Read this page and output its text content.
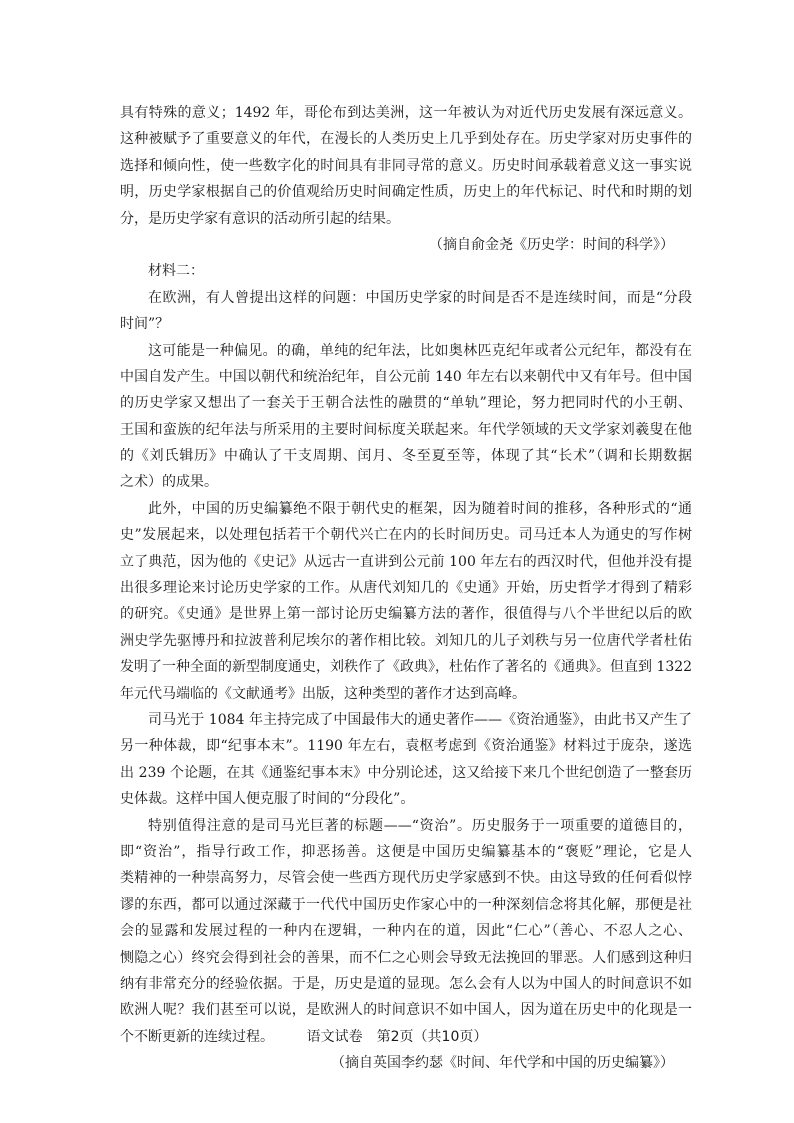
具有特殊的意义；1492 年，哥伦布到达美洲，这一年被认为对近代历史发展有深远意义。
这种被赋予了重要意义的年代，在漫长的人类历史上几乎到处存在。历史学家对历史事件的
选择和倾向性，使一些数字化的时间具有非同寻常的意义。历史时间承载着意义这一事实说
明，历史学家根据自己的价值观给历史时间确定性质，历史上的年代标记、时代和时期的划
分，是历史学家有意识的活动所引起的结果。
（摘自俞金尧《历史学：时间的科学》）
材料二：
在欧洲，有人曾提出这样的问题：中国历史学家的时间是否不是连续时间，而是“分段
时间”？
这可能是一种偏见。的确，单纯的纪年法，比如奥林匹克纪年或者公元纪年，都没有在
中国自发产生。中国以朝代和统治纪年，自公元前 140 年左右以来朝代中又有年号。但中国
的历史学家又想出了一套关于王朝合法性的融贯的“单轨”理论，努力把同时代的小王朝、
王国和蛮族的纪年法与所采用的主要时间标度关联起来。年代学领域的天文学家刘羲叟在他
的《刘氏辑历》中确认了干支周期、闰月、冬至夏至等，体现了其“长术”（调和长期数据
之术）的成果。
此外，中国的历史编纂绝不限于朝代史的框架，因为随着时间的推移，各种形式的“通
史”发展起来，以处理包括若干个朝代兴亡在内的长时间历史。司马迁本人为通史的写作树
立了典范，因为他的《史记》从远古一直讲到公元前 100 年左右的西汉时代，但他并没有提
出很多理论来讨论历史学家的工作。从唐代刘知几的《史通》开始，历史哲学才得到了精彩
的研究。《史通》是世界上第一部讨论历史编纂方法的著作，很值得与八个半世纪以后的欧
洲史学先驱博丹和拉波普利尼埃尔的著作相比较。刘知几的儿子刘秩与另一位唐代学者杜佑
发明了一种全面的新型制度通史，刘秩作了《政典》，杜佑作了著名的《通典》。但直到 1322
年元代马端临的《文献通考》出版，这种类型的著作才达到高峰。
司马光于 1084 年主持完成了中国最伟大的通史著作——《资治通鉴》，由此书又产生了
另一种体裁，即“纪事本末”。1190 年左右，袁枢考虑到《资治通鉴》材料过于庞杂，遂选
出 239 个论题，在其《通鉴纪事本末》中分别论述，这又给接下来几个世纪创造了一整套历
史体裁。这样中国人便克服了时间的“分段化”。
特别值得注意的是司马光巨著的标题——“资治”。历史服务于一项重要的道德目的，
即“资治”，指导行政工作，抑恶扬善。这便是中国历史编纂基本的“褒贬”理论，它是人
类精神的一种崇高努力，尽管会使一些西方现代历史学家感到不快。由这导致的任何看似悖
谬的东西，都可以通过深藏于一代代中国历史作家心中的一种深刻信念将其化解，那便是社
会的显露和发展过程的一种内在逻辑，一种内在的道，因此“仁心”（善心、不忍人之心、
恻隐之心）终究会得到社会的善果，而不仁之心则会导致无法挽回的罪恶。人们感到这种归
纳有非常充分的经验依据。于是，历史是道的显现。怎么会有人以为中国人的时间意识不如
欧洲人呢？我们甚至可以说，是欧洲人的时间意识不如中国人，因为道在历史中的化现是一
个不断更新的连续过程。
（摘自英国李约瑟《时间、年代学和中国的历史编纂》）
语文试卷　第2页（共10页）
